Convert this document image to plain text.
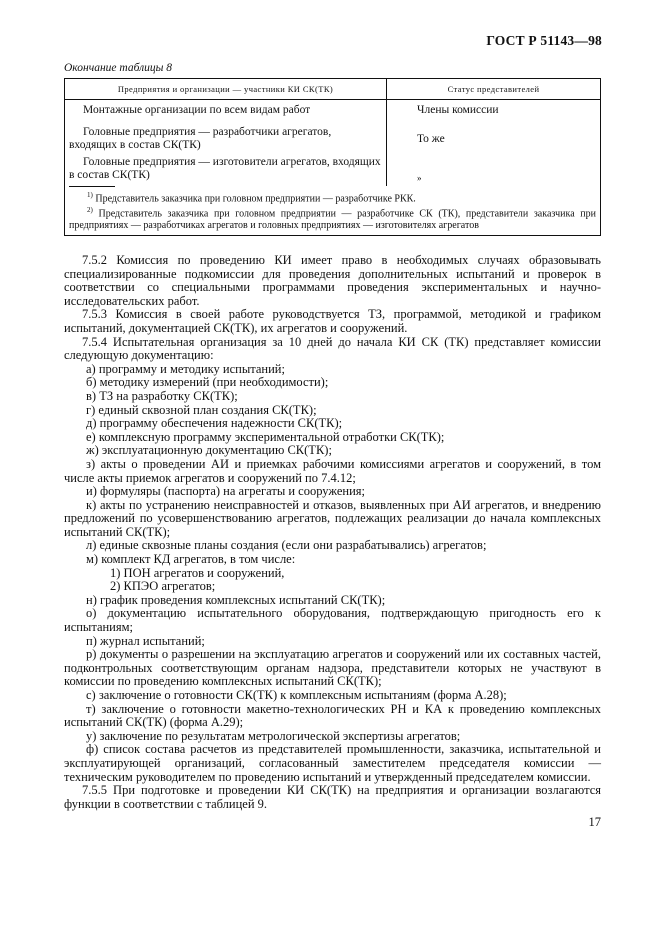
ГОСТ Р 51143—98
Окончание таблицы 8
Предприятия и организации — участники КИ СК(ТК)	Статус представителей
Монтажные организации по всем видам работ	Члены комиссии
Головные предприятия — разработчики агрегатов, входящих в состав СК(ТК)	То же
Головные предприятия — изготовители агрегатов, входящих в состав СК(ТК)	»

$^{1)}$ Представитель заказчика при головном предприятии — разработчике РКК.
$^{2)}$ Представитель заказчика при головном предприятии — разработчике СК (ТК), представители заказчика при предприятиях — разработчиках агрегатов и головных предприятиях — изготовителях агрегатов	

7.5.2 Комиссия по проведению КИ имеет право в необходимых случаях образовывать специализированные подкомиссии для проведения дополнительных испытаний и проверок в соответствии со специальными программами проведения экспериментальных и научно-исследовательских работ.

7.5.3 Комиссия в своей работе руководствуется ТЗ, программой, методикой и графиком испытаний, документацией СК(ТК), их агрегатов и сооружений.

7.5.4 Испытательная организация за 10 дней до начала КИ СК (ТК) представляет комиссии следующую документацию:

а) программу и методику испытаний;

б) методику измерений (при необходимости);

в) ТЗ на разработку СК(ТК);

г) единый сквозной план создания СК(ТК);

д) программу обеспечения надежности СК(ТК);

е) комплексную программу экспериментальной отработки СК(ТК);

ж) эксплуатационную документацию СК(ТК);

з) акты о проведении АИ и приемках рабочими комиссиями агрегатов и сооружений, в том числе акты приемок агрегатов и сооружений по 7.4.12;

и) формуляры (паспорта) на агрегаты и сооружения;

к) акты по устранению неисправностей и отказов, выявленных при АИ агрегатов, и внедрению предложений по усовершенствованию агрегатов, подлежащих реализации до начала комплексных испытаний СК(ТК);

л) единые сквозные планы создания (если они разрабатывались) агрегатов;

м) комплект КД агрегатов, в том числе:

1) ПОН агрегатов и сооружений,

2) КПЭО агрегатов;

н) график проведения комплексных испытаний СК(ТК);

о) документацию испытательного оборудования, подтверждающую пригодность его к испытаниям;

п) журнал испытаний;

р) документы о разрешении на эксплуатацию агрегатов и сооружений или их составных частей, подконтрольных соответствующим органам надзора, представители которых не участвуют в комиссии по проведению комплексных испытаний СК(ТК);

с) заключение о готовности СК(ТК) к комплексным испытаниям (форма А.28);

т) заключение о готовности макетно-технологических РН и КА к проведению комплексных испытаний СК(ТК) (форма А.29);

у) заключение по результатам метрологической экспертизы агрегатов;

ф) список состава расчетов из представителей промышленности, заказчика, испытательной и эксплуатирующей организаций, согласованный заместителем председателя комиссии — техническим руководителем по проведению испытаний и утвержденный председателем комиссии.

7.5.5 При подготовке и проведении КИ СК(ТК) на предприятия и организации возлагаются функции в соответствии с таблицей 9.

17
